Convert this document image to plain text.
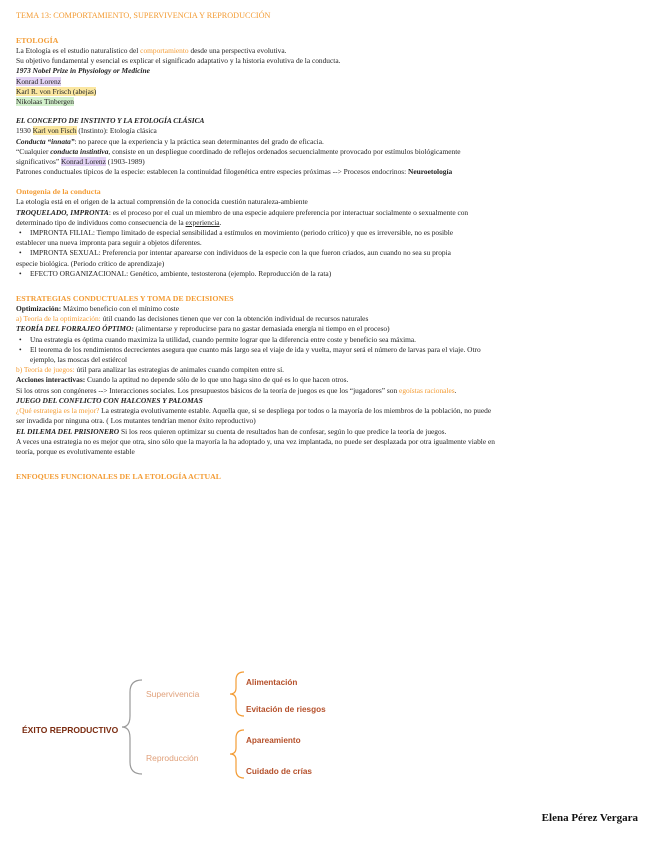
TEMA 13: COMPORTAMIENTO, SUPERVIVENCIA Y REPRODUCCIÓN
ETOLOGÍA
La Etología es el estudio naturalístico del comportamiento desde una perspectiva evolutiva.
Su objetivo fundamental y esencial es explicar el significado adaptativo y la historia evolutiva de la conducta.
1973 Nobel Prize in Physiology or Medicine
Konrad Lorenz
Karl R. von Frisch (abejas)
Nikolaas Tinbergen
EL CONCEPTO DE INSTINTO Y LA ETOLOGÍA CLÁSICA
1930 Karl von Fisch (Instinto): Etología clásica
Conducta “innata”: no parece que la experiencia y la práctica sean determinantes del grado de eficacia.
“Cualquier conducta instintiva, consiste en un despliegue coordinado de reflejos ordenados secuencialmente provocado por estímulos biológicamente
significativos” Konrad Lorenz (1903-1989)
Patrones conductuales típicos de la especie: establecen la continuidad filogenética entre especies próximas --> Procesos endocrinos: Neuroetología
Ontogenia de la conducta
La etología está en el origen de la actual comprensión de la conocida cuestión naturaleza-ambiente
TROQUELADO, IMPRONTA: es el proceso por el cual un miembro de una especie adquiere preferencia por interactuar socialmente o sexualmente con
determinado tipo de individuos como consecuencia de la experiencia.
• IMPRONTA FILIAL: Tiempo limitado de especial sensibilidad a estímulos en movimiento (periodo crítico) y que es irreversible, no es posible
establecer una nueva impronta para seguir a objetos diferentes.
• IMPRONTA SEXUAL: Preferencia por intentar aparearse con individuos de la especie con la que fueron criados, aun cuando no sea su propia
especie biológica. (Periodo crítico de aprendizaje)
• EFECTO ORGANIZACIONAL: Genético, ambiente, testosterona (ejemplo. Reproducción de la rata)
ESTRATEGIAS CONDUCTUALES Y TOMA DE DECISIONES
Optimización: Máximo beneficio con el mínimo coste
a) Teoría de la optimización: útil cuando las decisiones tienen que ver con la obtención individual de recursos naturales
TEORÍA DEL FORRAJEO ÓPTIMO: (alimentarse y reproducirse para no gastar demasiada energía ni tiempo en el proceso)
• Una estrategia es óptima cuando maximiza la utilidad, cuando permite lograr que la diferencia entre coste y beneficio sea máxima.
• El teorema de los rendimientos decrecientes asegura que cuanto más largo sea el viaje de ida y vuelta, mayor será el número de larvas para el viaje. Otro
ejemplo, las moscas del estiércol
b) Teoría de juegos: útil para analizar las estrategias de animales cuando compiten entre sí.
Acciones interactivas: Cuando la aptitud no depende sólo de lo que uno haga sino de qué es lo que hacen otros.
Si los otros son congéneres --> Interacciones sociales. Los presupuestos básicos de la teoría de juegos es que los “jugadores” son egoístas racionales.
JUEGO DEL CONFLICTO CON HALCONES Y PALOMAS
¿Qué estrategia es la mejor? La estrategia evolutivamente estable. Aquella que, si se despliega por todos o la mayoría de los miembros de la población, no puede
ser invadida por ninguna otra. ( Los mutantes tendrían menor éxito reproductivo)
EL DILEMA DEL PRISIONERO Si los reos quieren optimizar su cuenta de resultados han de confesar, según lo que predice la teoría de juegos.
A veces una estrategia no es mejor que otra, sino sólo que la mayoría la ha adoptado y, una vez implantada, no puede ser desplazada por otra igualmente viable en
teoría, porque es evolutivamente estable
ENFOQUES FUNCIONALES DE LA ETOLOGÍA ACTUAL
ÉXITO REPRODUCTIVO
Supervivencia
Reproducción
Alimentación
Evitación de riesgos
Apareamiento
Cuidado de crías
Elena Pérez Vergara
